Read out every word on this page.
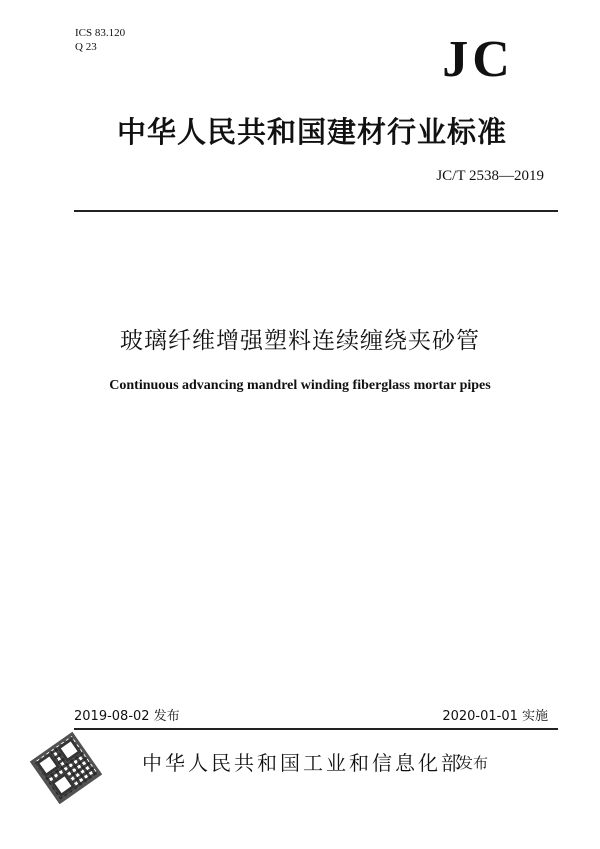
ICS 83.120
Q 23	JC
中华人民共和国建材行业标准
JC/T 2538—2019
玻璃纤维增强塑料连续缠绕夹砂管
Continuous advancing mandrel winding fiberglass mortar pipes
2019-08-02 发布	2020-01-01 实施
中华人民共和国工业和信息化部
发布
